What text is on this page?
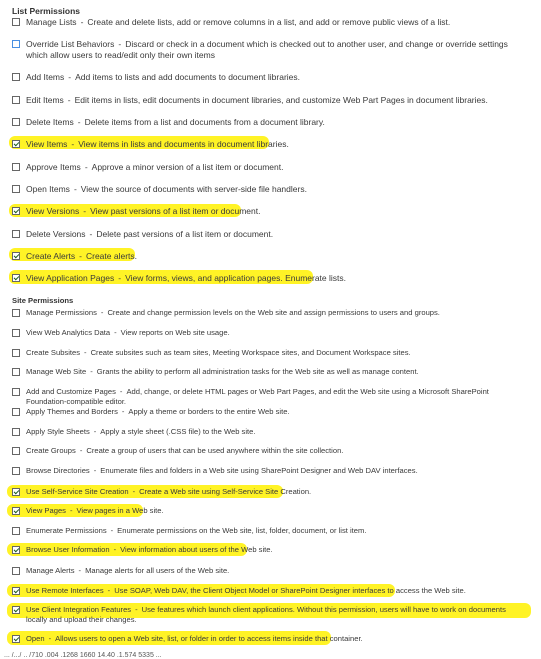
List Permissions
Manage Lists - Create and delete lists, add or remove columns in a list, and add or remove public views of a list.
Override List Behaviors - Discard or check in a document which is checked out to another user, and change or override settings which allow users to read/edit only their own items
Add Items - Add items to lists and add documents to document libraries.
Edit Items - Edit items in lists, edit documents in document libraries, and customize Web Part Pages in document libraries.
Delete Items - Delete items from a list and documents from a document library.
View Items - View items in lists and documents in document libraries.
Approve Items - Approve a minor version of a list item or document.
Open Items - View the source of documents with server-side file handlers.
View Versions - View past versions of a list item or document.
Delete Versions - Delete past versions of a list item or document.
Create Alerts - Create alerts.
View Application Pages - View forms, views, and application pages. Enumerate lists.
Site Permissions
Manage Permissions - Create and change permission levels on the Web site and assign permissions to users and groups.
View Web Analytics Data - View reports on Web site usage.
Create Subsites - Create subsites such as team sites, Meeting Workspace sites, and Document Workspace sites.
Manage Web Site - Grants the ability to perform all administration tasks for the Web site as well as manage content.
Add and Customize Pages - Add, change, or delete HTML pages or Web Part Pages, and edit the Web site using a Microsoft SharePoint Foundation-compatible editor.
Apply Themes and Borders - Apply a theme or borders to the entire Web site.
Apply Style Sheets - Apply a style sheet (.CSS file) to the Web site.
Create Groups - Create a group of users that can be used anywhere within the site collection.
Browse Directories - Enumerate files and folders in a Web site using SharePoint Designer and Web DAV interfaces.
Use Self-Service Site Creation - Create a Web site using Self-Service Site Creation.
View Pages - View pages in a Web site.
Enumerate Permissions - Enumerate permissions on the Web site, list, folder, document, or list item.
Browse User Information - View information about users of the Web site.
Manage Alerts - Manage alerts for all users of the Web site.
Use Remote Interfaces - Use SOAP, Web DAV, the Client Object Model or SharePoint Designer interfaces to access the Web site.
Use Client Integration Features - Use features which launch client applications. Without this permission, users will have to work on documents locally and upload their changes.
Open - Allows users to open a Web site, list, or folder in order to access items inside that container.
... /.../ .. /710 .004 .1268 1660 14.40 .1.574 5335 ...
